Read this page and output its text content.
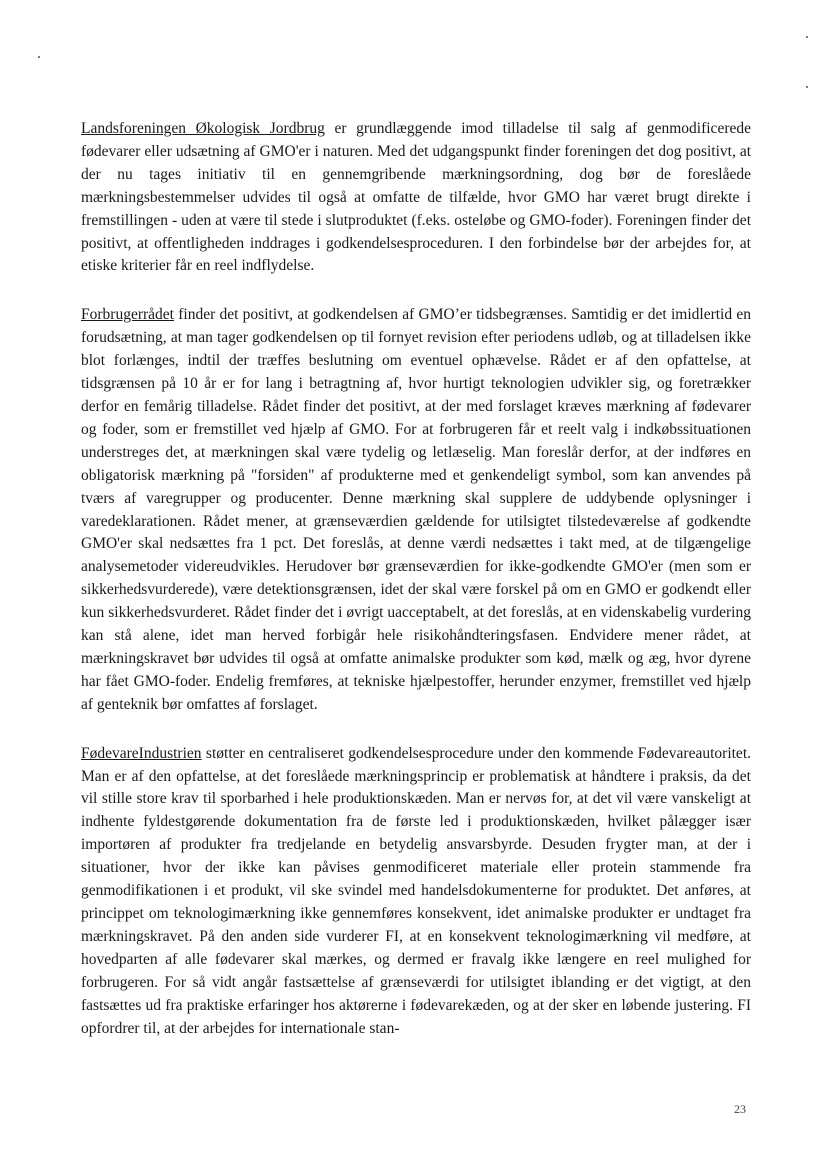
Landsforeningen Økologisk Jordbrug er grundlæggende imod tilladelse til salg af genmodificerede fødevarer eller udsætning af GMO'er i naturen. Med det udgangspunkt finder foreningen det dog positivt, at der nu tages initiativ til en gennemgribende mærkningsordning, dog bør de foreslåede mærkningsbestemmelser udvides til også at omfatte de tilfælde, hvor GMO har været brugt direkte i fremstillingen - uden at være til stede i slutproduktet (f.eks. osteløbe og GMO-foder). Foreningen finder det positivt, at offentligheden inddrages i godkendelsesproceduren. I den forbindelse bør der arbejdes for, at etiske kriterier får en reel indflydelse.

Forbrugerrådet finder det positivt, at godkendelsen af GMO’er tidsbegrænses. Samtidig er det imidlertid en forudsætning, at man tager godkendelsen op til fornyet revision efter periodens udløb, og at tilladelsen ikke blot forlænges, indtil der træffes beslutning om eventuel ophævelse. Rådet er af den opfattelse, at tidsgrænsen på 10 år er for lang i betragtning af, hvor hurtigt teknologien udvikler sig, og foretrækker derfor en femårig tilladelse. Rådet finder det positivt, at der med forslaget kræves mærkning af fødevarer og foder, som er fremstillet ved hjælp af GMO. For at forbrugeren får et reelt valg i indkøbssituationen understreges det, at mærkningen skal være tydelig og letlæselig. Man foreslår derfor, at der indføres en obligatorisk mærkning på "forsiden" af produkterne med et genkendeligt symbol, som kan anvendes på tværs af varegrupper og producenter. Denne mærkning skal supplere de uddybende oplysninger i varedeklarationen. Rådet mener, at grænseværdien gældende for utilsigtet tilstedeværelse af godkendte GMO'er skal nedsættes fra 1 pct. Det foreslås, at denne værdi nedsættes i takt med, at de tilgængelige analysemetoder videreudvikles. Herudover bør grænseværdien for ikke-godkendte GMO'er (men som er sikkerhedsvurderede), være detektionsgrænsen, idet der skal være forskel på om en GMO er godkendt eller kun sikkerhedsvurderet. Rådet finder det i øvrigt uacceptabelt, at det foreslås, at en videnskabelig vurdering kan stå alene, idet man herved forbigår hele risikohåndteringsfasen. Endvidere mener rådet, at mærkningskravet bør udvides til også at omfatte animalske produkter som kød, mælk og æg, hvor dyrene har fået GMO-foder. Endelig fremføres, at tekniske hjælpestoffer, herunder enzymer, fremstillet ved hjælp af genteknik bør omfattes af forslaget.

FødevareIndustrien støtter en centraliseret godkendelsesprocedure under den kommende Fødevareautoritet. Man er af den opfattelse, at det foreslåede mærkningsprincip er problematisk at håndtere i praksis, da det vil stille store krav til sporbarhed i hele produktionskæden. Man er nervøs for, at det vil være vanskeligt at indhente fyldestgørende dokumentation fra de første led i produktionskæden, hvilket pålægger især importøren af produkter fra tredjelande en betydelig ansvarsbyrde. Desuden frygter man, at der i situationer, hvor der ikke kan påvises genmodificeret materiale eller protein stammende fra genmodifikationen i et produkt, vil ske svindel med handelsdokumenterne for produktet. Det anføres, at princippet om teknologimærkning ikke gennemføres konsekvent, idet animalske produkter er undtaget fra mærkningskravet. På den anden side vurderer FI, at en konsekvent teknologimærkning vil medføre, at hovedparten af alle fødevarer skal mærkes, og dermed er fravalg ikke længere en reel mulighed for forbrugeren. For så vidt angår fastsættelse af grænseværdi for utilsigtet iblanding er det vigtigt, at den fastsættes ud fra praktiske erfaringer hos aktørerne i fødevarekæden, og at der sker en løbende justering. FI opfordrer til, at der arbejdes for internationale stan-

23
